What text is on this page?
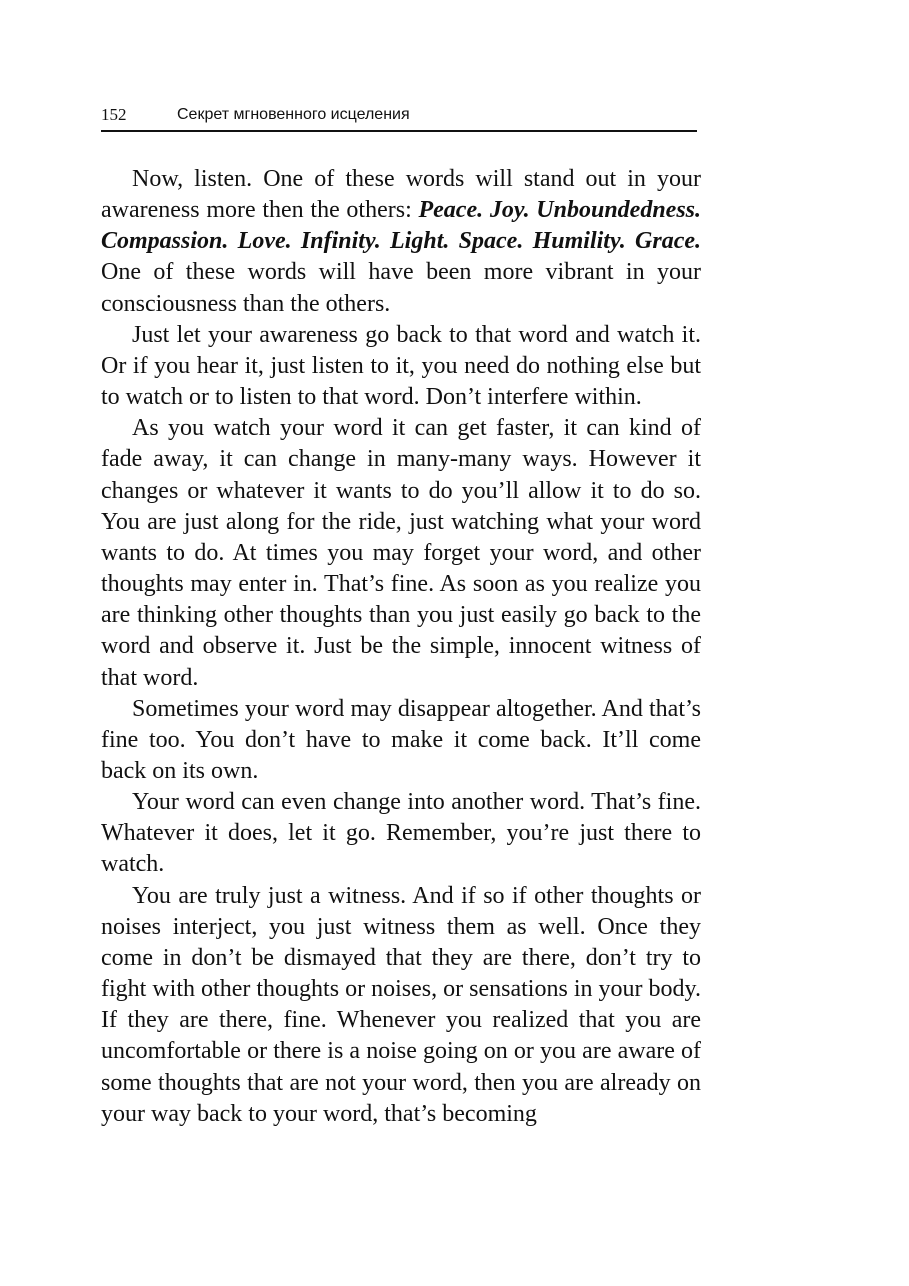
152	Секрет мгновенного исцеления

Now, listen. One of these words will stand out in your awareness more then the others: Peace. Joy. Unboundedness. Compassion. Love. Infinity. Light. Space. Humility. Grace. One of these words will have been more vibrant in your consciousness than the others.

Just let your awareness go back to that word and watch it. Or if you hear it, just listen to it, you need do nothing else but to watch or to listen to that word. Don’t interfere within.

As you watch your word it can get faster, it can kind of fade away, it can change in many-many ways. However it changes or whatever it wants to do you’ll allow it to do so. You are just along for the ride, just watching what your word wants to do. At times you may forget your word, and other thoughts may enter in. That’s fine. As soon as you realize you are thinking other thoughts than you just easily go back to the word and observe it. Just be the simple, innocent witness of that word.

Sometimes your word may disappear altogether. And that’s fine too. You don’t have to make it come back. It’ll come back on its own.

Your word can even change into another word. That’s fine. Whatever it does, let it go. Remember, you’re just there to watch.

You are truly just a witness. And if so if other thoughts or noises interject, you just witness them as well. Once they come in don’t be dismayed that they are there, don’t try to fight with other thoughts or noises, or sensations in your body. If they are there, fine. Whenever you realized that you are uncomfortable or there is a noise going on or you are aware of some thoughts that are not your word, then you are already on your way back to your word, that’s becoming
